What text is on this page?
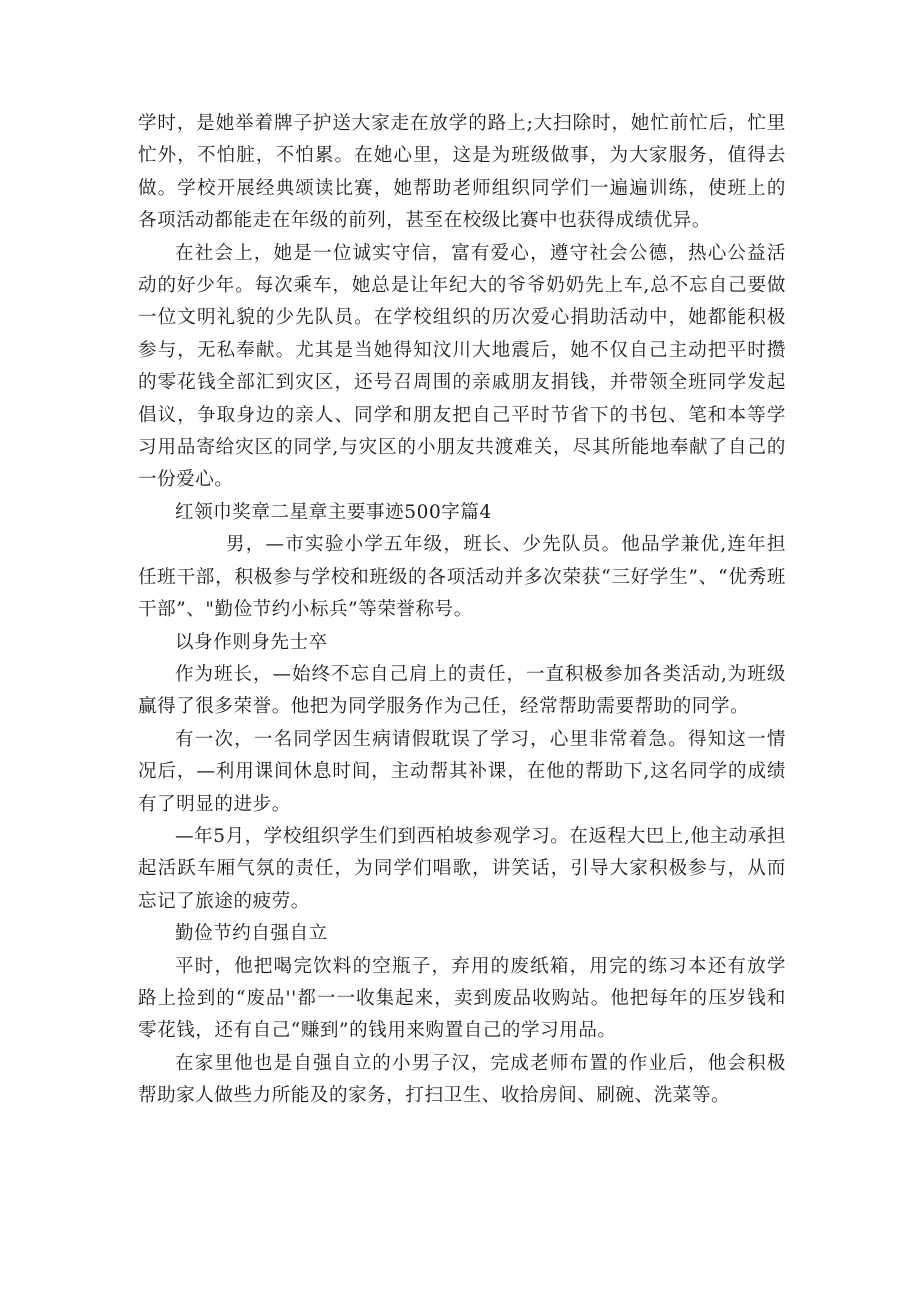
学时，是她举着牌子护送大家走在放学的路上;大扫除时，她忙前忙后，忙里忙外，不怕脏，不怕累。在她心里，这是为班级做事，为大家服务，值得去做。学校开展经典颂读比赛，她帮助老师组织同学们一遍遍训练，使班上的各项活动都能走在年级的前列，甚至在校级比赛中也获得成绩优异。

在社会上，她是一位诚实守信，富有爱心，遵守社会公德，热心公益活动的好少年。每次乘车，她总是让年纪大的爷爷奶奶先上车,总不忘自己要做一位文明礼貌的少先队员。在学校组织的历次爱心捐助活动中，她都能积极参与，无私奉献。尤其是当她得知汶川大地震后，她不仅自己主动把平时攒的零花钱全部汇到灾区，还号召周围的亲戚朋友捐钱，并带领全班同学发起倡议，争取身边的亲人、同学和朋友把自己平时节省下的书包、笔和本等学习用品寄给灾区的同学,与灾区的小朋友共渡难关，尽其所能地奉献了自己的一份爱心。

红领巾奖章二星章主要事迹500字篇4

男，—市实验小学五年级，班长、少先队员。他品学兼优,连年担任班干部，积极参与学校和班级的各项活动并多次荣获“三好学生”、“优秀班干部”、"勤俭节约小标兵”等荣誉称号。

以身作则身先士卒

作为班长，—始终不忘自己肩上的责任，一直积极参加各类活动,为班级赢得了很多荣誉。他把为同学服务作为己任，经常帮助需要帮助的同学。

有一次，一名同学因生病请假耽误了学习，心里非常着急。得知这一情况后，—利用课间休息时间，主动帮其补课，在他的帮助下,这名同学的成绩有了明显的进步。

—年5月，学校组织学生们到西柏坡参观学习。在返程大巴上,他主动承担起活跃车厢气氛的责任，为同学们唱歌，讲笑话，引导大家积极参与，从而忘记了旅途的疲劳。

勤俭节约自强自立

平时，他把喝完饮料的空瓶子，弃用的废纸箱，用完的练习本还有放学路上捡到的“废品''都一一收集起来，卖到废品收购站。他把每年的压岁钱和零花钱，还有自己“赚到”的钱用来购置自己的学习用品。

在家里他也是自强自立的小男子汉，完成老师布置的作业后，他会积极帮助家人做些力所能及的家务，打扫卫生、收拾房间、刷碗、洗菜等。
